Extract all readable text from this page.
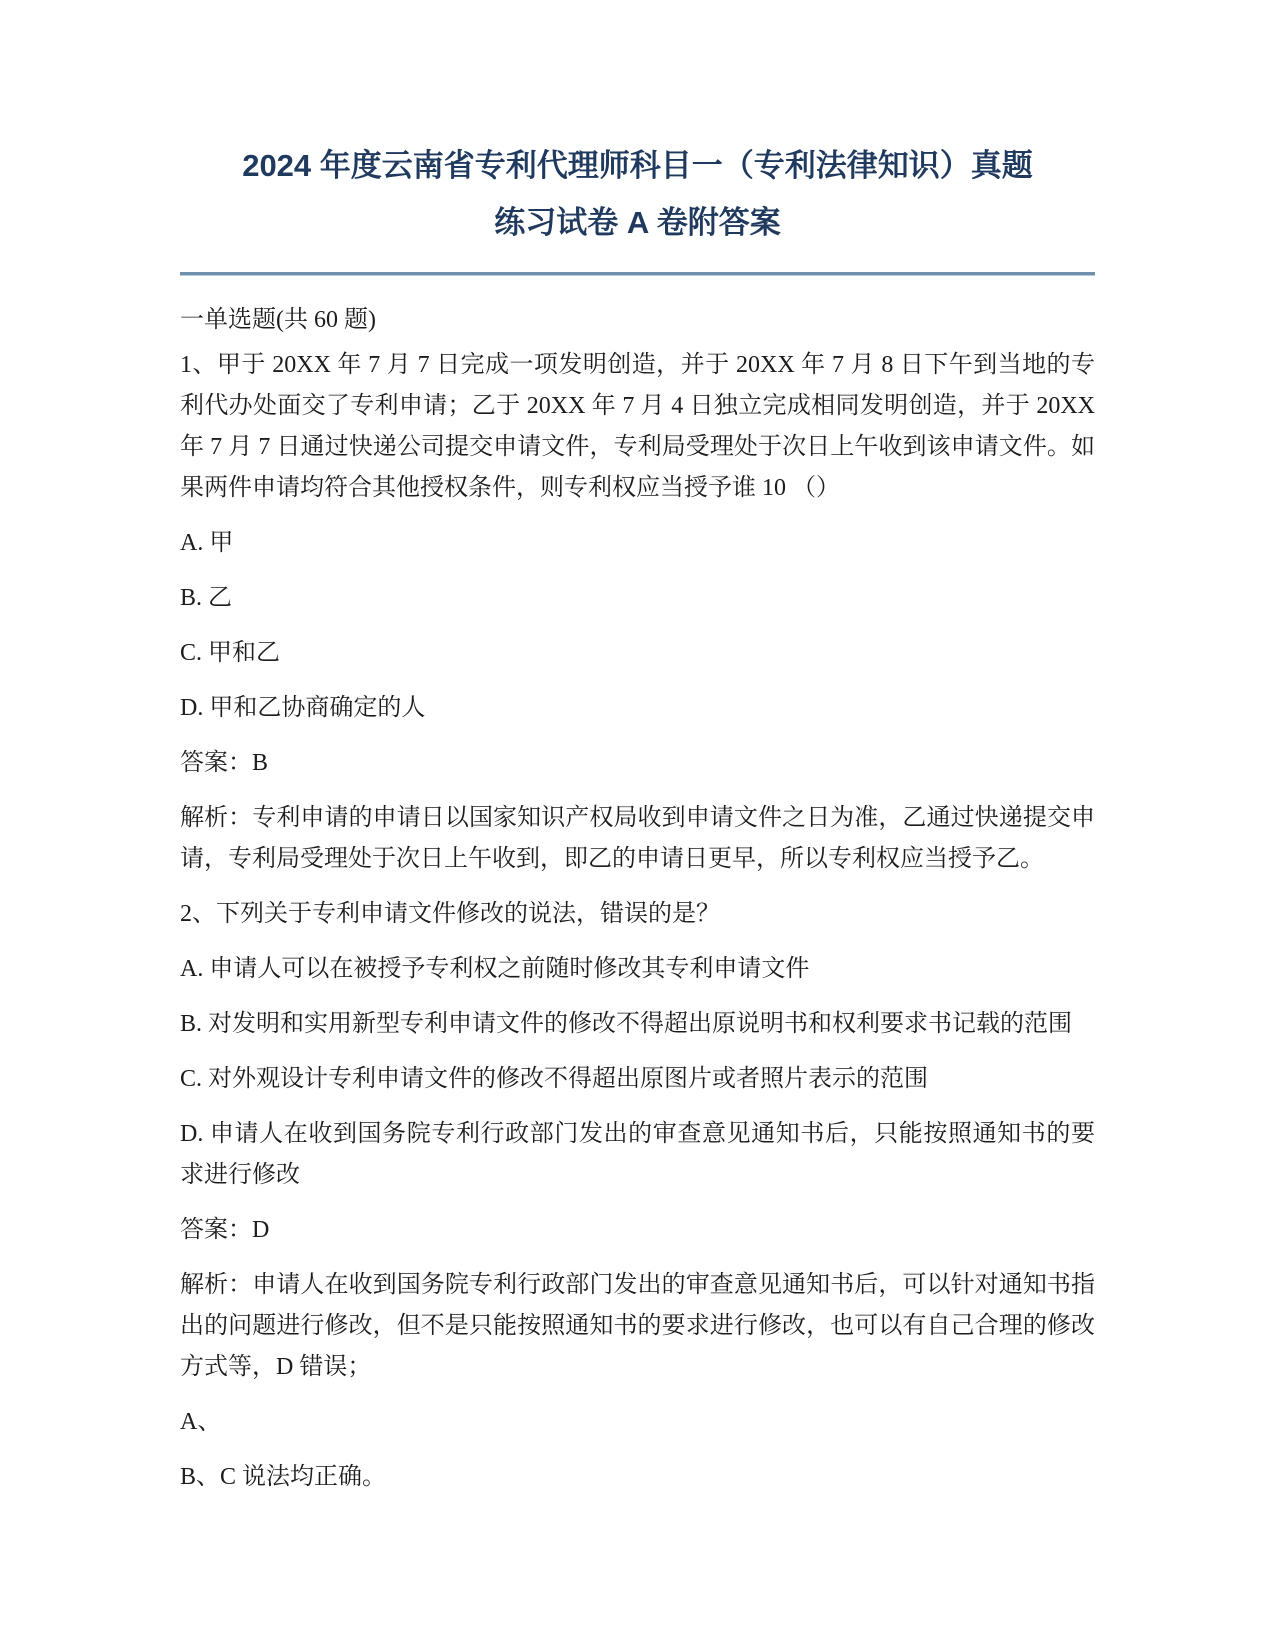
2024 年度云南省专利代理师科目一（专利法律知识）真题
练习试卷 A 卷附答案

一单选题(共 60 题)

1、甲于 20XX 年 7 月 7 日完成一项发明创造，并于 20XX 年 7 月 8 日下午到当地的专利代办处面交了专利申请；乙于 20XX 年 7 月 4 日独立完成相同发明创造，并于 20XX 年 7 月 7 日通过快递公司提交申请文件，专利局受理处于次日上午收到该申请文件。如果两件申请均符合其他授权条件，则专利权应当授予谁 10 （）

A. 甲

B. 乙

C. 甲和乙

D. 甲和乙协商确定的人

答案：B

解析：专利申请的申请日以国家知识产权局收到申请文件之日为准，乙通过快递提交申请，专利局受理处于次日上午收到，即乙的申请日更早，所以专利权应当授予乙。

2、下列关于专利申请文件修改的说法，错误的是？

A. 申请人可以在被授予专利权之前随时修改其专利申请文件

B. 对发明和实用新型专利申请文件的修改不得超出原说明书和权利要求书记载的范围

C. 对外观设计专利申请文件的修改不得超出原图片或者照片表示的范围

D. 申请人在收到国务院专利行政部门发出的审查意见通知书后，只能按照通知书的要求进行修改

答案：D

解析：申请人在收到国务院专利行政部门发出的审查意见通知书后，可以针对通知书指出的问题进行修改，但不是只能按照通知书的要求进行修改，也可以有自己合理的修改方式等，D 错误；

A、

B、C 说法均正确。
